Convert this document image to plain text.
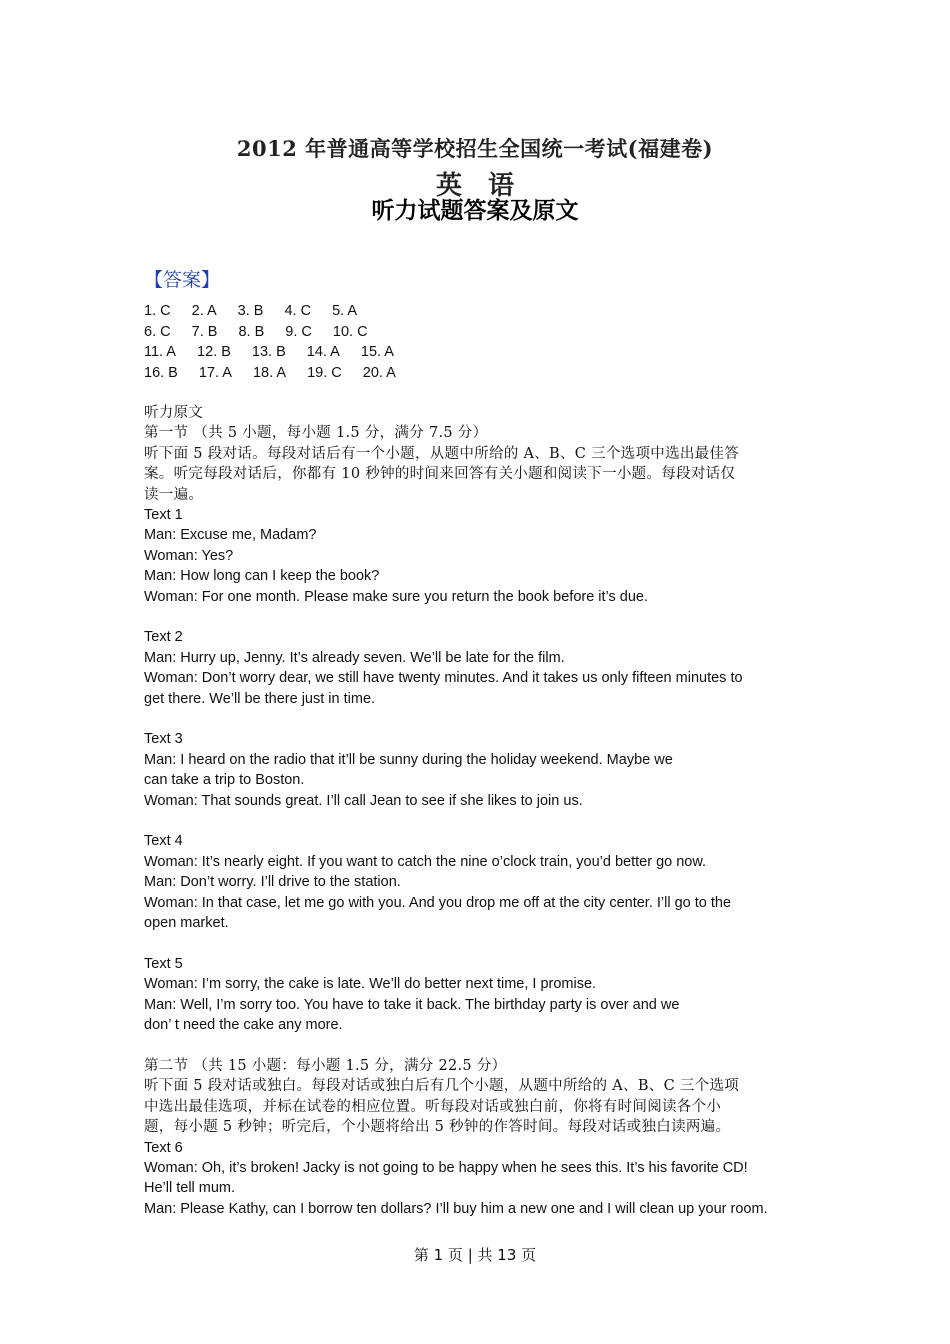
2012 年普通高等学校招生全国统一考试(福建卷)
英　语
听力试题答案及原文
【答案】
1. C 2. A 3. B 4. C 5. A
6. C 7. B 8. B 9. C 10. C
11. A 12. B 13. B 14. A 15. A
16. B 17. A 18. A 19. C 20. A
听力原文
第一节 （共 5 小题，每小题 1.5 分，满分 7.5 分）
听下面 5 段对话。每段对话后有一个小题，从题中所给的 A、B、C 三个选项中选出最佳答
案。听完每段对话后，你都有 10 秒钟的时间来回答有关小题和阅读下一小题。每段对话仅
读一遍。
Text 1
Man: Excuse me, Madam?
Woman: Yes?
Man: How long can I keep the book?
Woman: For one month. Please make sure you return the book before it’s due.
Text 2
Man: Hurry up, Jenny. It’s already seven. We’ll be late for the film.
Woman: Don’t worry dear, we still have twenty minutes. And it takes us only fifteen minutes to
get there. We’ll be there just in time.
Text 3
Man: I heard on the radio that it’ll be sunny during the holiday weekend. Maybe we
can take a trip to Boston.
Woman: That sounds great. I’ll call Jean to see if she likes to join us.
Text 4
Woman: It’s nearly eight. If you want to catch the nine o’clock train, you’d better go now.
Man: Don’t worry. I’ll drive to the station.
Woman: In that case, let me go with you. And you drop me off at the city center. I’ll go to the
open market.
Text 5
Woman: I’m sorry, the cake is late. We’ll do better next time, I promise.
Man: Well, I’m sorry too. You have to take it back. The birthday party is over and we
don’ t need the cake any more.
第二节 （共 15 小题：每小题 1.5 分，满分 22.5 分）
听下面 5 段对话或独白。每段对话或独白后有几个小题，从题中所给的 A、B、C 三个选项
中选出最佳选项，并标在试卷的相应位置。听每段对话或独白前，你将有时间阅读各个小
题，每小题 5 秒钟；听完后，个小题将给出 5 秒钟的作答时间。每段对话或独白读两遍。
Text 6
Woman: Oh, it’s broken! Jacky is not going to be happy when he sees this. It’s his favorite CD!
He’ll tell mum.
Man: Please Kathy, can I borrow ten dollars? I’ll buy him a new one and I will clean up your room.
第 1 页 | 共 13 页
